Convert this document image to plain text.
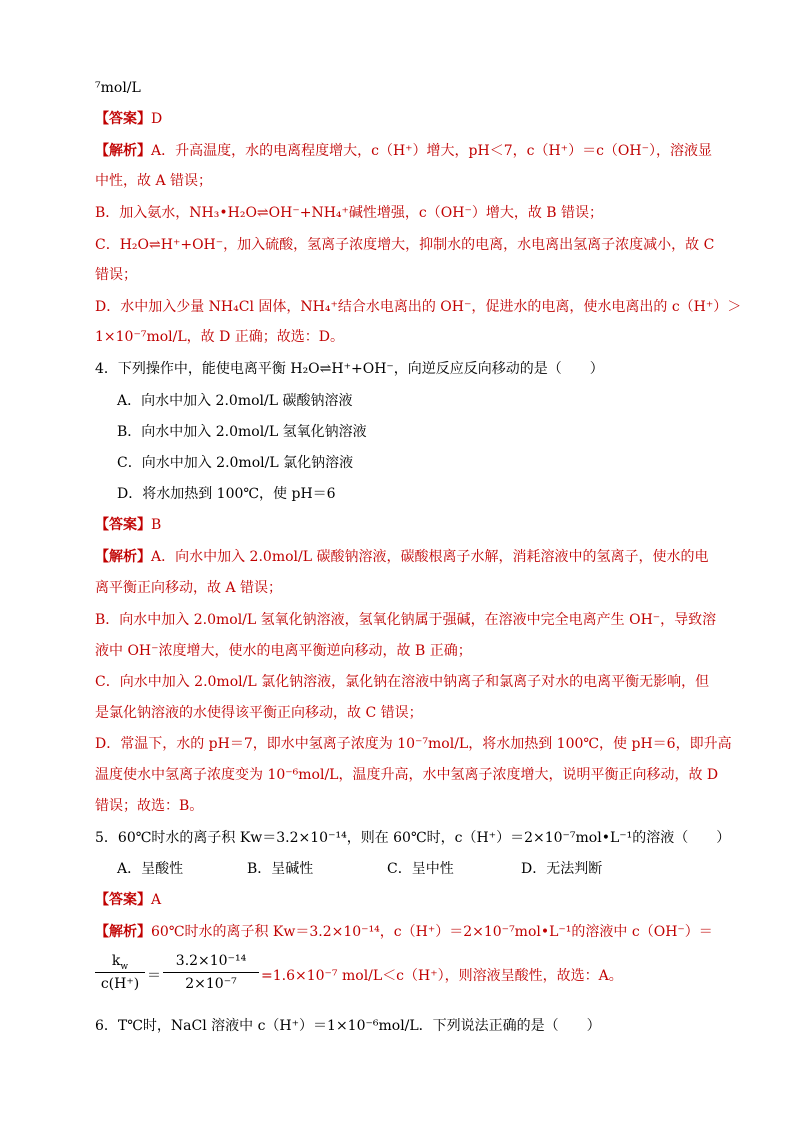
⁷mol/L
【答案】D
【解析】A．升高温度，水的电离程度增大，c（H⁺）增大，pH＜7，c（H⁺）＝c（OH⁻），溶液显
中性，故 A 错误；
B．加入氨水，NH₃•H₂O⇌OH⁻+NH₄⁺碱性增强，c（OH⁻）增大，故 B 错误；
C．H₂O⇌H⁺+OH⁻，加入硫酸，氢离子浓度增大，抑制水的电离，水电离出氢离子浓度减小，故 C
错误；
D．水中加入少量 NH₄Cl 固体，NH₄⁺结合水电离出的 OH⁻，促进水的电离，使水电离出的 c（H⁺）＞
1×10⁻⁷mol/L，故 D 正确；故选：D。
4．下列操作中，能使电离平衡 H₂O⇌H⁺+OH⁻，向逆反应反向移动的是（　　）
A．向水中加入 2.0mol/L 碳酸钠溶液
B．向水中加入 2.0mol/L 氢氧化钠溶液
C．向水中加入 2.0mol/L 氯化钠溶液
D．将水加热到 100℃，使 pH＝6
【答案】B
【解析】A．向水中加入 2.0mol/L 碳酸钠溶液，碳酸根离子水解，消耗溶液中的氢离子，使水的电
离平衡正向移动，故 A 错误；
B．向水中加入 2.0mol/L 氢氧化钠溶液，氢氧化钠属于强碱，在溶液中完全电离产生 OH⁻，导致溶
液中 OH⁻浓度增大，使水的电离平衡逆向移动，故 B 正确；
C．向水中加入 2.0mol/L 氯化钠溶液，氯化钠在溶液中钠离子和氯离子对水的电离平衡无影响，但
是氯化钠溶液的水使得该平衡正向移动，故 C 错误；
D．常温下，水的 pH＝7，即水中氢离子浓度为 10⁻⁷mol/L，将水加热到 100℃，使 pH＝6，即升高
温度使水中氢离子浓度变为 10⁻⁶mol/L，温度升高，水中氢离子浓度增大，说明平衡正向移动，故 D
错误；故选：B。
5．60℃时水的离子积 Kw＝3.2×10⁻¹⁴，则在 60℃时，c（H⁺）＝2×10⁻⁷mol•L⁻¹的溶液（　　）
A．呈酸性	B．呈碱性	C．呈中性	D．无法判断
【答案】A
【解析】60℃时水的离子积 Kw＝3.2×10⁻¹⁴，c（H⁺）＝2×10⁻⁷mol•L⁻¹的溶液中 c（OH⁻）＝
$\frac{k_w}{c(H^+)} = \frac{\text{3.2×10⁻¹⁴}}{\text{2×10⁻⁷}} =1.6\times 10^{-7}$ mol/L＜c（H⁺），则溶液呈酸性，故选：A。
6．T℃时，NaCl 溶液中 c（H⁺）＝1×10⁻⁶mol/L．下列说法正确的是（　　）
